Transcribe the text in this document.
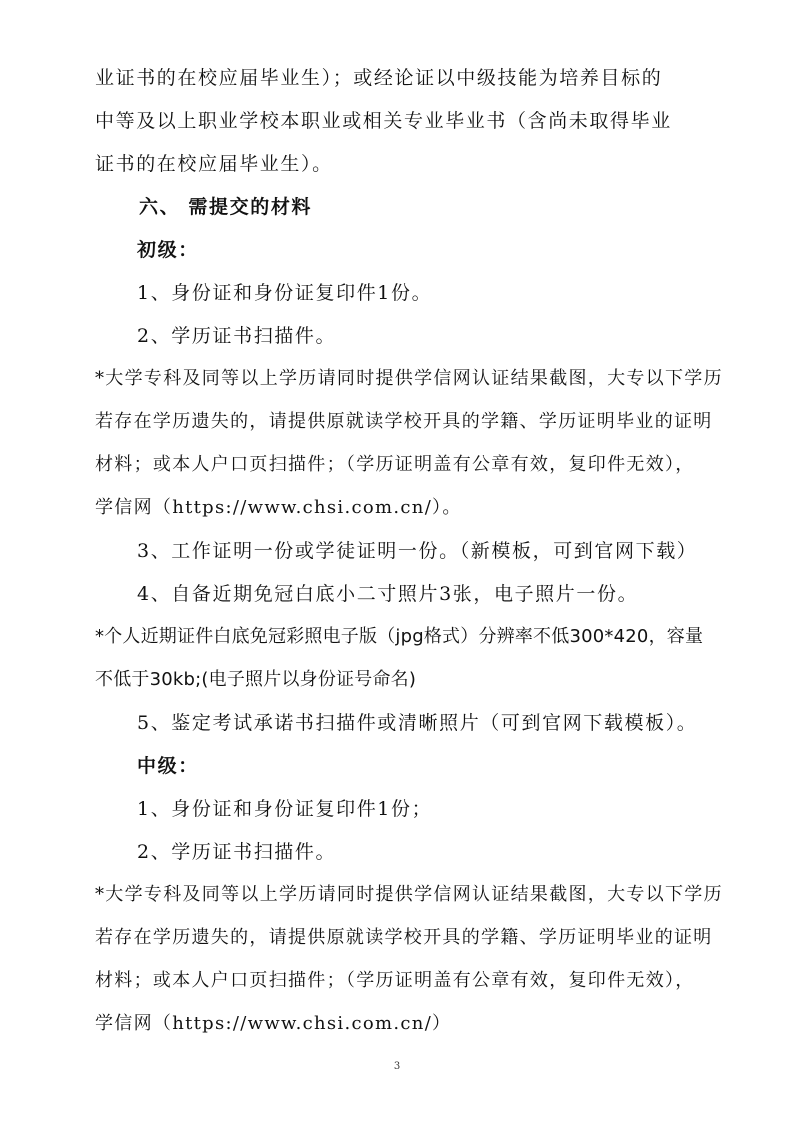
业证书的在校应届毕业生）；或经论证以中级技能为培养目标的
中等及以上职业学校本职业或相关专业毕业书（含尚未取得毕业
证书的在校应届毕业生）。
六、 需提交的材料
初级：
1、身份证和身份证复印件1份。
2、学历证书扫描件。
*大学专科及同等以上学历请同时提供学信网认证结果截图，大专以下学历
若存在学历遗失的，请提供原就读学校开具的学籍、学历证明毕业的证明
材料；或本人户口页扫描件；（学历证明盖有公章有效，复印件无效），
学信网（https://www.chsi.com.cn/）。
3、工作证明一份或学徒证明一份。（新模板，可到官网下载）
4、自备近期免冠白底小二寸照片3张，电子照片一份。
*个人近期证件白底免冠彩照电子版（jpg格式）分辨率不低300*420，容量
不低于30kb;(电子照片以身份证号命名)
5、鉴定考试承诺书扫描件或清晰照片（可到官网下载模板）。
中级：
1、身份证和身份证复印件1份；
2、学历证书扫描件。
*大学专科及同等以上学历请同时提供学信网认证结果截图，大专以下学历
若存在学历遗失的，请提供原就读学校开具的学籍、学历证明毕业的证明
材料；或本人户口页扫描件；（学历证明盖有公章有效，复印件无效），
学信网（https://www.chsi.com.cn/）
3
